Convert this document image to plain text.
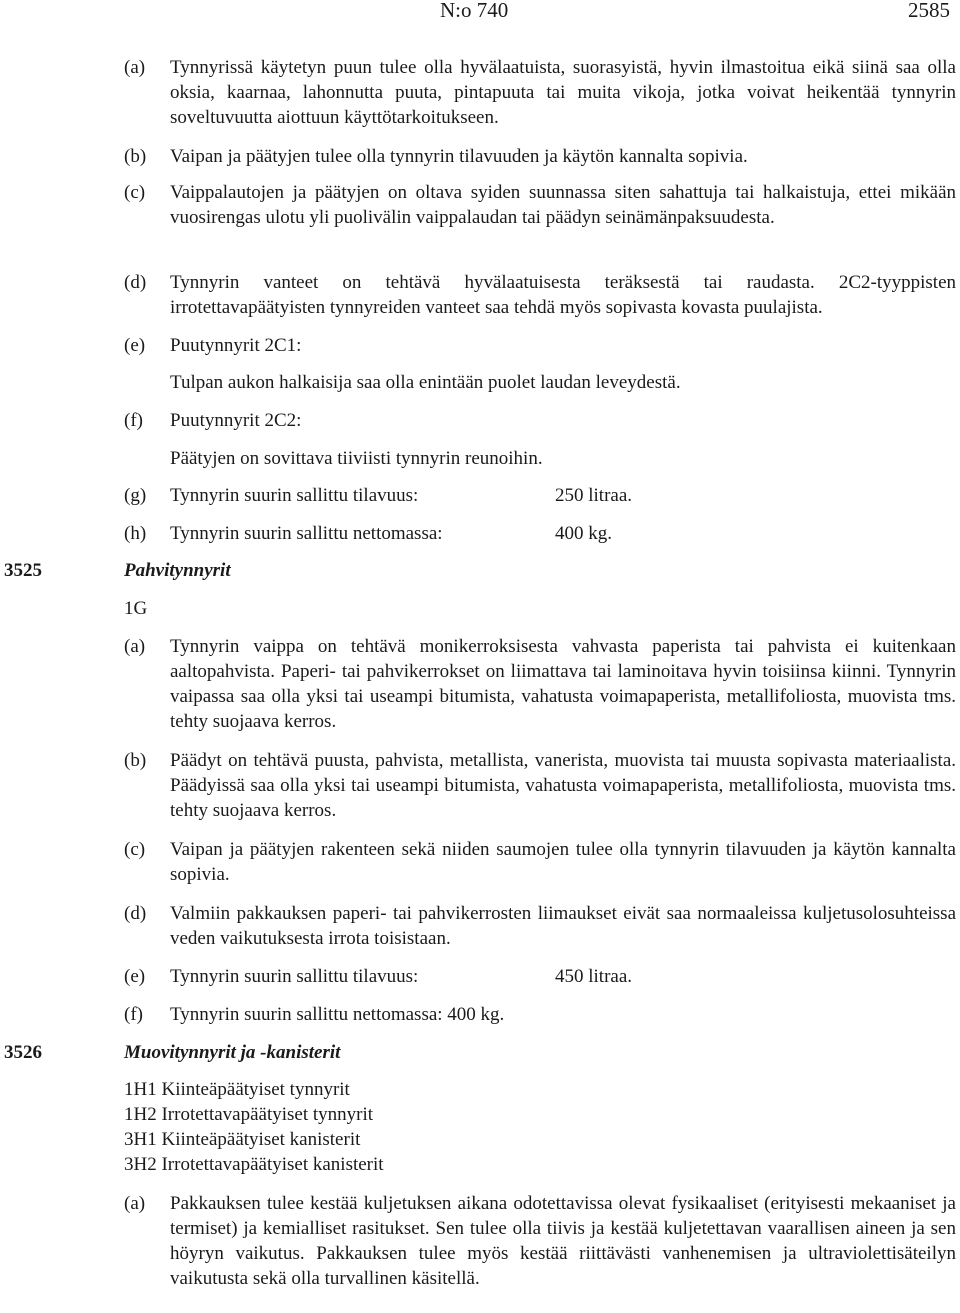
N:o 740	2585
(a) Tynnyrissä käytetyn puun tulee olla hyvälaatuista, suorasyistä, hyvin ilmastoitua eikä siinä saa olla oksia, kaarnaa, lahonnutta puuta, pintapuuta tai muita vikoja, jotka voivat heikentää tynnyrin soveltuvuutta aiottuun käyttötarkoitukseen.
(b) Vaipan ja päätyjen tulee olla tynnyrin tilavuuden ja käytön kannalta sopivia.
(c) Vaippalautojen ja päätyjen on oltava syiden suunnassa siten sahattuja tai halkaistuja, ettei mikään vuosirengas ulotu yli puolivälin vaippalaudan tai päädyn seinämänpaksuudesta.
(d) Tynnyrin vanteet on tehtävä hyvälaatuisesta teräksestä tai raudasta. 2C2-tyyppisten irrotettavapäätyisten tynnyreiden vanteet saa tehdä myös sopivasta kovasta puulajista.
(e) Puutynnyrit 2C1:
Tulpan aukon halkaisija saa olla enintään puolet laudan leveydestä.
(f) Puutynnyrit 2C2:
Päätyjen on sovittava tiiviisti tynnyrin reunoihin.
(g) Tynnyrin suurin sallittu tilavuus:	250 litraa.
(h) Tynnyrin suurin sallittu nettomassa:	400 kg.
3525	Pahvitynnyrit
1G
(a) Tynnyrin vaippa on tehtävä monikerroksisesta vahvasta paperista tai pahvista ei kuitenkaan aaltopahvista. Paperi- tai pahvikerrokset on liimattava tai laminoitava hyvin toisiinsa kiinni. Tynnyrin vaipassa saa olla yksi tai useampi bitumista, vahatusta voimapaperista, metallifoliosta, muovista tms. tehty suojaava kerros.
(b) Päädyt on tehtävä puusta, pahvista, metallista, vanerista, muovista tai muusta sopivasta materiaalista. Päädyissä saa olla yksi tai useampi bitumista, vahatusta voimapaperista, metallifoliosta, muovista tms. tehty suojaava kerros.
(c) Vaipan ja päätyjen rakenteen sekä niiden saumojen tulee olla tynnyrin tilavuuden ja käytön kannalta sopivia.
(d) Valmiin pakkauksen paperi- tai pahvikerrosten liimaukset eivät saa normaaleissa kuljetusolosuhteissa veden vaikutuksesta irrota toisistaan.
(e) Tynnyrin suurin sallittu tilavuus:	450 litraa.
(f) Tynnyrin suurin sallittu nettomassa: 400 kg.
3526	Muovitynnyrit ja -kanisterit
1H1 Kiinteäpäätyiset tynnyrit
1H2 Irrotettavapäätyiset tynnyrit
3H1 Kiinteäpäätyiset kanisterit
3H2 Irrotettavapäätyiset kanisterit
(a) Pakkauksen tulee kestää kuljetuksen aikana odotettavissa olevat fysikaaliset (erityisesti mekaaniset ja termiset) ja kemialliset rasitukset. Sen tulee olla tiivis ja kestää kuljetettavan vaarallisen aineen ja sen höyryn vaikutus. Pakkauksen tulee myös kestää riittävästi vanhenemisen ja ultraviolettisäteilyn vaikutusta sekä olla turvallinen käsitellä.
